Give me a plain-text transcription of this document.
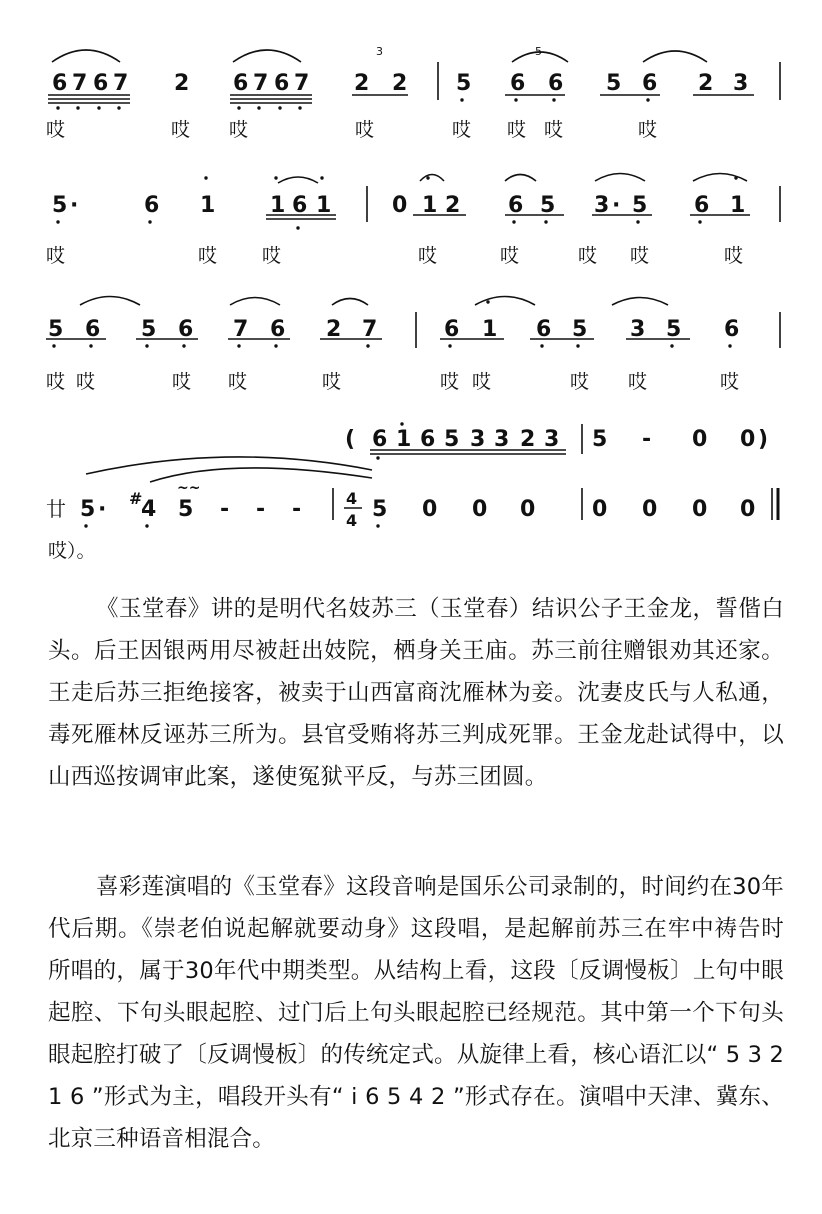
6 7 6 7 2 6 7 6 7 2 2
3	5
5 6 6 5 6 2 3
哎	哎 哎	哎	哎 哎 哎	哎
5 ·	6 1 1 6 1	0 1 2 6 5 3 · 5 6 1
哎	哎 哎	哎	哎	哎 哎	哎
5 6 5 6 7 6 2 7	6 1 6 5 3 5 6
哎 哎	哎 哎	哎	哎 哎	哎 哎	哎
( 6 1 6 5 3 3 2 3 5 - 0 0 )
廿 5 · #
4
~~
5 - - -	4
4 5 0 0 0	0 0 0 0
哎）。

《玉堂春》讲的是明代名妓苏三（玉堂春）结识公子王金龙，誓偕白头。后王因银两用尽被赶出妓院，栖身关王庙。苏三前往赠银劝其还家。王走后苏三拒绝接客，被卖于山西富商沈雁林为妾。沈妻皮氏与人私通，毒死雁林反诬苏三所为。县官受贿将苏三判成死罪。王金龙赴试得中，以山西巡按调审此案，遂使冤狱平反，与苏三团圆。

喜彩莲演唱的《玉堂春》这段音响是国乐公司录制的，时间约在30年代后期。《崇老伯说起解就要动身》这段唱，是起解前苏三在牢中祷告时所唱的，属于30年代中期类型。从结构上看，这段〔反调慢板〕上句中眼起腔、下句头眼起腔、过门后上句头眼起腔已经规范。其中第一个下句头眼起腔打破了〔反调慢板〕的传统定式。从旋律上看，核心语汇以“ 5 3 2 1 6 ”形式为主，唱段开头有“ i 6 5 4 2 ”形式存在。演唱中天津、冀东、北京三种语音相混合。
